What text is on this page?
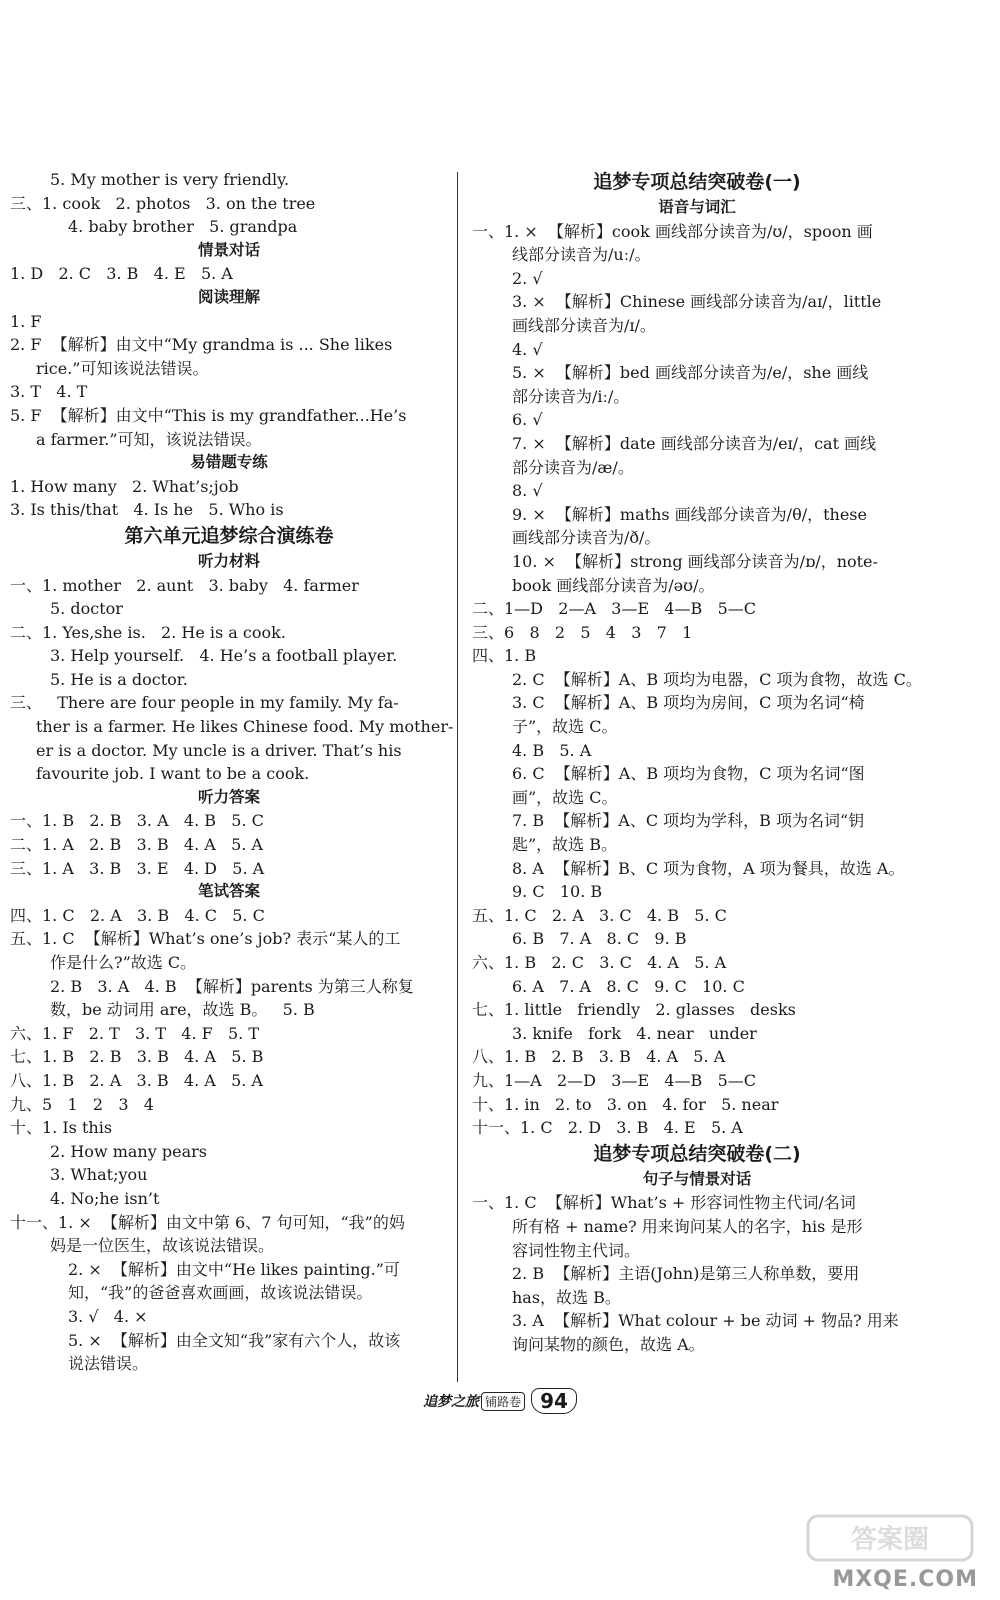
5. My mother is very friendly.
三、1. cook   2. photos   3. on the tree
4. baby brother   5. grandpa
情景对话
1. D   2. C   3. B   4. E   5. A
阅读理解
1. F
2. F  【解析】由文中“My grandma is ... She likes
rice.”可知该说法错误。
3. T   4. T
5. F  【解析】由文中“This is my grandfather...He’s
a farmer.”可知，该说法错误。
易错题专练
1. How many   2. What’s;job
3. Is this/that   4. Is he   5. Who is
第六单元追梦综合演练卷
听力材料
一、1. mother   2. aunt   3. baby   4. farmer
5. doctor
二、1. Yes,she is.   2. He is a cook.
3. Help yourself.   4. He’s a football player.
5. He is a doctor.
三、   There are four people in my family. My fa-
ther is a farmer. He likes Chinese food. My mother-
er is a doctor. My uncle is a driver. That’s his
favourite job. I want to be a cook.
听力答案
一、1. B   2. B   3. A   4. B   5. C
二、1. A   2. B   3. B   4. A   5. A
三、1. A   3. B   3. E   4. D   5. A
笔试答案
四、1. C   2. A   3. B   4. C   5. C
五、1. C  【解析】What’s one’s job? 表示“某人的工
作是什么?”故选 C。
2. B   3. A   4. B  【解析】parents 为第三人称复
数，be 动词用 are，故选 B。   5. B
六、1. F   2. T   3. T   4. F   5. T
七、1. B   2. B   3. B   4. A   5. B
八、1. B   2. A   3. B   4. A   5. A
九、5   1   2   3   4
十、1. Is this
2. How many pears
3. What;you
4. No;he isn’t
十一、1. ×  【解析】由文中第 6、7 句可知，“我”的妈
妈是一位医生，故该说法错误。
2. ×  【解析】由文中“He likes painting.”可
知，“我”的爸爸喜欢画画，故该说法错误。
3. √   4. ×
5. ×  【解析】由全文知“我”家有六个人，故该
说法错误。
追梦专项总结突破卷(一)
语音与词汇
一、1. ×  【解析】cook 画线部分读音为/ʊ/，spoon 画
线部分读音为/uː/。
2. √
3. ×  【解析】Chinese 画线部分读音为/aɪ/，little
画线部分读音为/ɪ/。
4. √
5. ×  【解析】bed 画线部分读音为/e/，she 画线
部分读音为/iː/。
6. √
7. ×  【解析】date 画线部分读音为/eɪ/，cat 画线
部分读音为/æ/。
8. √
9. ×  【解析】maths 画线部分读音为/θ/，these
画线部分读音为/ð/。
10. ×  【解析】strong 画线部分读音为/ɒ/，note-
book 画线部分读音为/əʊ/。
二、1—D   2—A   3—E   4—B   5—C
三、6   8   2   5   4   3   7   1
四、1. B
2. C  【解析】A、B 项均为电器，C 项为食物，故选 C。
3. C  【解析】A、B 项均为房间，C 项为名词“椅
子”，故选 C。
4. B   5. A
6. C  【解析】A、B 项均为食物，C 项为名词“图
画”，故选 C。
7. B  【解析】A、C 项均为学科，B 项为名词“钥
匙”，故选 B。
8. A  【解析】B、C 项为食物，A 项为餐具，故选 A。
9. C   10. B
五、1. C   2. A   3. C   4. B   5. C
6. B   7. A   8. C   9. B
六、1. B   2. C   3. C   4. A   5. A
6. A   7. A   8. C   9. C   10. C
七、1. little   friendly   2. glasses   desks
3. knife   fork   4. near   under
八、1. B   2. B   3. B   4. A   5. A
九、1—A   2—D   3—E   4—B   5—C
十、1. in   2. to   3. on   4. for   5. near
十一、1. C   2. D   3. B   4. E   5. A
追梦专项总结突破卷(二)
句子与情景对话
一、1. C  【解析】What’s + 形容词性物主代词/名词
所有格 + name? 用来询问某人的名字，his 是形
容词性物主代词。
2. B  【解析】主语(John)是第三人称单数，要用
has，故选 B。
3. A  【解析】What colour + be 动词 + 物品? 用来
询问某物的颜色，故选 A。
追梦之旅 铺路卷 94
答案圈
MXQE.COM
